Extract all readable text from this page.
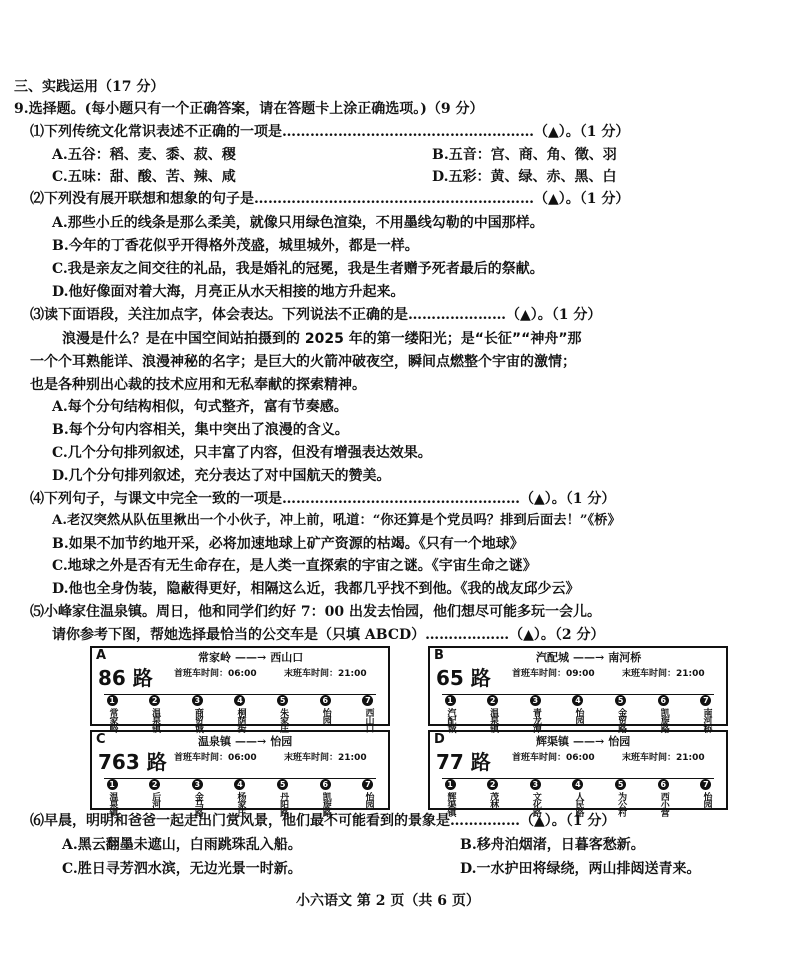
三、实践运用（17 分）
9.选择题。(每小题只有一个正确答案，请在答题卡上涂正确选项。)（9 分）
⑴下列传统文化常识表述不正确的一项是………………………………………………（▲）。（1 分）
A.五谷：稻、麦、黍、菽、稷	B.五音：宫、商、角、徵、羽
C.五味：甜、酸、苦、辣、咸	D.五彩：黄、绿、赤、黑、白
⑵下列没有展开联想和想象的句子是……………………………………………………（▲）。（1 分）
A.那些小丘的线条是那么柔美，就像只用绿色渲染，不用墨线勾勒的中国那样。
B.今年的丁香花似乎开得格外茂盛，城里城外，都是一样。
C.我是亲友之间交往的礼品，我是婚礼的冠冕，我是生者赠予死者最后的祭献。
D.他好像面对着大海，月亮正从水天相接的地方升起来。
⑶读下面语段，关注加点字，体会表达。下列说法不正确的是…………………（▲）。（1 分）
浪漫是什么？是在中国空间站拍摄到的 2025 年的第一缕阳光；是“长征”“神舟”那
一个个耳熟能详、浪漫神秘的名字；是巨大的火箭冲破夜空，瞬间点燃整个宇宙的激情；
也是各种别出心裁的技术应用和无私奉献的探索精神。
A.每个分句结构相似，句式整齐，富有节奏感。
B.每个分句内容相关，集中突出了浪漫的含义。
C.几个分句排列叙述，只丰富了内容，但没有增强表达效果。
D.几个分句排列叙述，充分表达了对中国航天的赞美。
⑷下列句子，与课文中完全一致的一项是……………………………………………（▲）。（1 分）
A.老汉突然从队伍里揪出一个小伙子，冲上前，吼道：“你还算是个党员吗？排到后面去！”《桥》
B.如果不加节约地开采，必将加速地球上矿产资源的枯竭。《只有一个地球》
C.地球之外是否有无生命存在，是人类一直探索的宇宙之谜。《宇宙生命之谜》
D.他也全身伪装，隐蔽得更好，相隔这么近，我都几乎找不到他。《我的战友邱少云》
⑸小峰家住温泉镇。周日，他和同学们约好 7：00 出发去怡园，他们想尽可能多玩一会儿。
请你参考下图，帮她选择最恰当的公交车是（只填 ABCD）………………（▲）。（2 分）
A
86 路
常家岭 ——→ 西山口
首班车时间：06:00	末班车时间：21:00
1
常家岭
2
温泉镇
3
商贸城
4
桐荫街
5
朱家庄
6
怡园
7
西山口
B
65 路
汽配城 ——→ 南河桥
首班车时间：09:00	末班车时间：21:00
1
汽配城
2
温泉镇
3
青龙潭
4
怡园
5
金贸路
6
凯旋路
7
南河桥
C
763 路
温泉镇 ——→ 怡园
首班车时间：06:00	末班车时间：21:00
1
温泉镇
2
后河
3
金马路
4
杨家庄
5
丹阳路
6
凯旋路
7
怡园
D
77 路
辉渠镇 ——→ 怡园
首班车时间：06:00	末班车时间：21:00
1
辉渠镇
2
茂林
3
文化路
4
人民路
5
为公村
6
西小营
7
怡园
⑹早晨，明明和爸爸一起走出门赏风景，他们最不可能看到的景象是……………（▲）。（1 分）
A.黑云翻墨未遮山，白雨跳珠乱入船。	B.移舟泊烟渚，日暮客愁新。
C.胜日寻芳泗水滨，无边光景一时新。	D.一水护田将绿绕，两山排闼送青来。
小六语文 第 2 页（共 6 页）
